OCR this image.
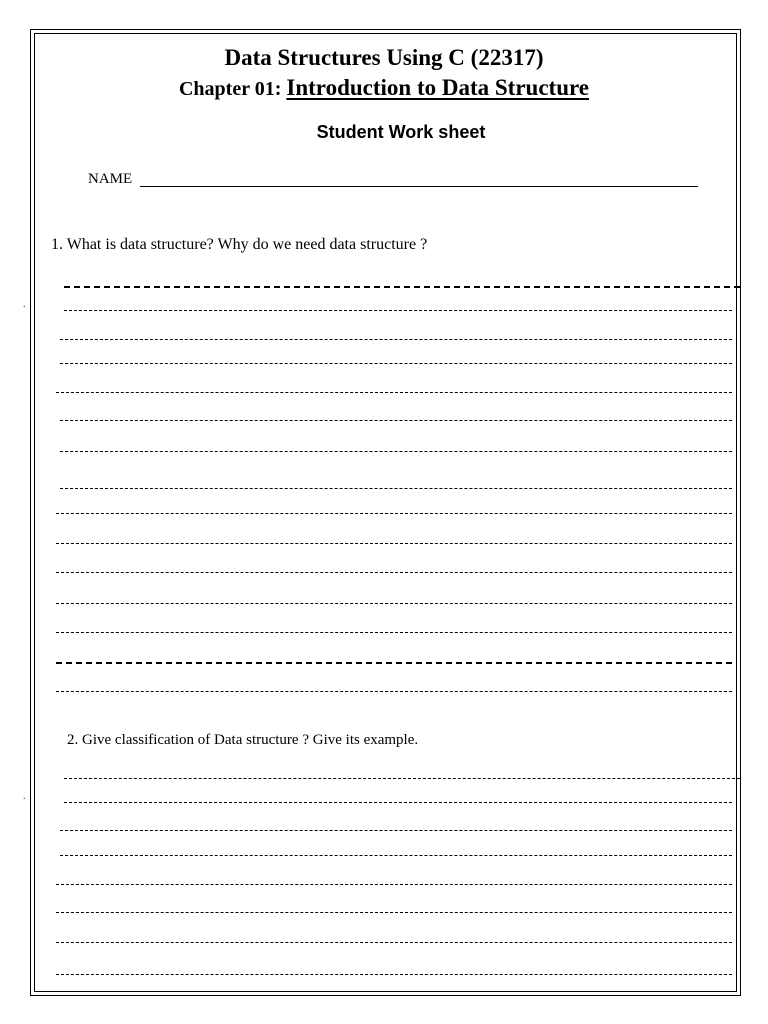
Data Structures Using C (22317)
Chapter 01: Introduction to Data Structure
Student Work sheet
NAME
1. What is data structure? Why do we need data structure ?
2. Give classification of Data structure ? Give its example.
.
.
